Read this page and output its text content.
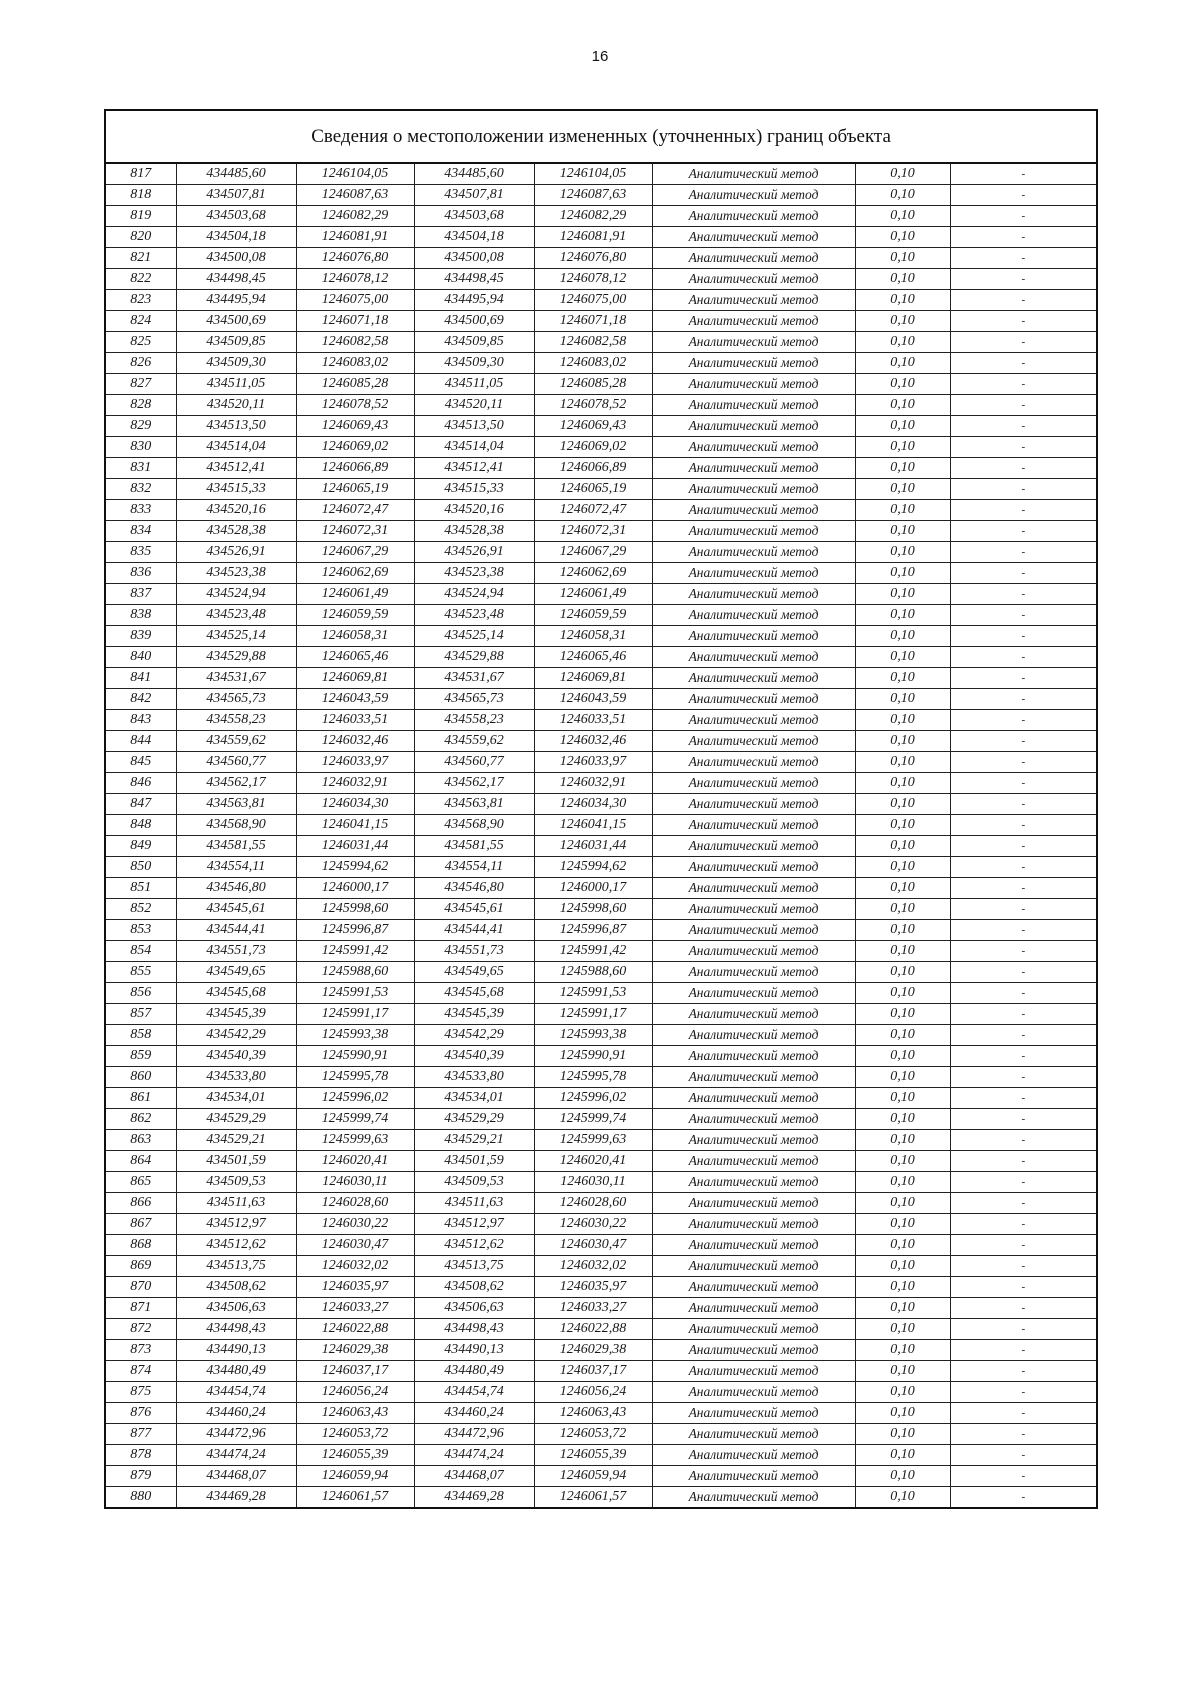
16
Сведения о местоположении измененных (уточненных) границ объекта							
817	434485,60	1246104,05	434485,60	1246104,05	Аналитический метод	0,10	-
818	434507,81	1246087,63	434507,81	1246087,63	Аналитический метод	0,10	-
819	434503,68	1246082,29	434503,68	1246082,29	Аналитический метод	0,10	-
820	434504,18	1246081,91	434504,18	1246081,91	Аналитический метод	0,10	-
821	434500,08	1246076,80	434500,08	1246076,80	Аналитический метод	0,10	-
822	434498,45	1246078,12	434498,45	1246078,12	Аналитический метод	0,10	-
823	434495,94	1246075,00	434495,94	1246075,00	Аналитический метод	0,10	-
824	434500,69	1246071,18	434500,69	1246071,18	Аналитический метод	0,10	-
825	434509,85	1246082,58	434509,85	1246082,58	Аналитический метод	0,10	-
826	434509,30	1246083,02	434509,30	1246083,02	Аналитический метод	0,10	-
827	434511,05	1246085,28	434511,05	1246085,28	Аналитический метод	0,10	-
828	434520,11	1246078,52	434520,11	1246078,52	Аналитический метод	0,10	-
829	434513,50	1246069,43	434513,50	1246069,43	Аналитический метод	0,10	-
830	434514,04	1246069,02	434514,04	1246069,02	Аналитический метод	0,10	-
831	434512,41	1246066,89	434512,41	1246066,89	Аналитический метод	0,10	-
832	434515,33	1246065,19	434515,33	1246065,19	Аналитический метод	0,10	-
833	434520,16	1246072,47	434520,16	1246072,47	Аналитический метод	0,10	-
834	434528,38	1246072,31	434528,38	1246072,31	Аналитический метод	0,10	-
835	434526,91	1246067,29	434526,91	1246067,29	Аналитический метод	0,10	-
836	434523,38	1246062,69	434523,38	1246062,69	Аналитический метод	0,10	-
837	434524,94	1246061,49	434524,94	1246061,49	Аналитический метод	0,10	-
838	434523,48	1246059,59	434523,48	1246059,59	Аналитический метод	0,10	-
839	434525,14	1246058,31	434525,14	1246058,31	Аналитический метод	0,10	-
840	434529,88	1246065,46	434529,88	1246065,46	Аналитический метод	0,10	-
841	434531,67	1246069,81	434531,67	1246069,81	Аналитический метод	0,10	-
842	434565,73	1246043,59	434565,73	1246043,59	Аналитический метод	0,10	-
843	434558,23	1246033,51	434558,23	1246033,51	Аналитический метод	0,10	-
844	434559,62	1246032,46	434559,62	1246032,46	Аналитический метод	0,10	-
845	434560,77	1246033,97	434560,77	1246033,97	Аналитический метод	0,10	-
846	434562,17	1246032,91	434562,17	1246032,91	Аналитический метод	0,10	-
847	434563,81	1246034,30	434563,81	1246034,30	Аналитический метод	0,10	-
848	434568,90	1246041,15	434568,90	1246041,15	Аналитический метод	0,10	-
849	434581,55	1246031,44	434581,55	1246031,44	Аналитический метод	0,10	-
850	434554,11	1245994,62	434554,11	1245994,62	Аналитический метод	0,10	-
851	434546,80	1246000,17	434546,80	1246000,17	Аналитический метод	0,10	-
852	434545,61	1245998,60	434545,61	1245998,60	Аналитический метод	0,10	-
853	434544,41	1245996,87	434544,41	1245996,87	Аналитический метод	0,10	-
854	434551,73	1245991,42	434551,73	1245991,42	Аналитический метод	0,10	-
855	434549,65	1245988,60	434549,65	1245988,60	Аналитический метод	0,10	-
856	434545,68	1245991,53	434545,68	1245991,53	Аналитический метод	0,10	-
857	434545,39	1245991,17	434545,39	1245991,17	Аналитический метод	0,10	-
858	434542,29	1245993,38	434542,29	1245993,38	Аналитический метод	0,10	-
859	434540,39	1245990,91	434540,39	1245990,91	Аналитический метод	0,10	-
860	434533,80	1245995,78	434533,80	1245995,78	Аналитический метод	0,10	-
861	434534,01	1245996,02	434534,01	1245996,02	Аналитический метод	0,10	-
862	434529,29	1245999,74	434529,29	1245999,74	Аналитический метод	0,10	-
863	434529,21	1245999,63	434529,21	1245999,63	Аналитический метод	0,10	-
864	434501,59	1246020,41	434501,59	1246020,41	Аналитический метод	0,10	-
865	434509,53	1246030,11	434509,53	1246030,11	Аналитический метод	0,10	-
866	434511,63	1246028,60	434511,63	1246028,60	Аналитический метод	0,10	-
867	434512,97	1246030,22	434512,97	1246030,22	Аналитический метод	0,10	-
868	434512,62	1246030,47	434512,62	1246030,47	Аналитический метод	0,10	-
869	434513,75	1246032,02	434513,75	1246032,02	Аналитический метод	0,10	-
870	434508,62	1246035,97	434508,62	1246035,97	Аналитический метод	0,10	-
871	434506,63	1246033,27	434506,63	1246033,27	Аналитический метод	0,10	-
872	434498,43	1246022,88	434498,43	1246022,88	Аналитический метод	0,10	-
873	434490,13	1246029,38	434490,13	1246029,38	Аналитический метод	0,10	-
874	434480,49	1246037,17	434480,49	1246037,17	Аналитический метод	0,10	-
875	434454,74	1246056,24	434454,74	1246056,24	Аналитический метод	0,10	-
876	434460,24	1246063,43	434460,24	1246063,43	Аналитический метод	0,10	-
877	434472,96	1246053,72	434472,96	1246053,72	Аналитический метод	0,10	-
878	434474,24	1246055,39	434474,24	1246055,39	Аналитический метод	0,10	-
879	434468,07	1246059,94	434468,07	1246059,94	Аналитический метод	0,10	-
880	434469,28	1246061,57	434469,28	1246061,57	Аналитический метод	0,10	-
